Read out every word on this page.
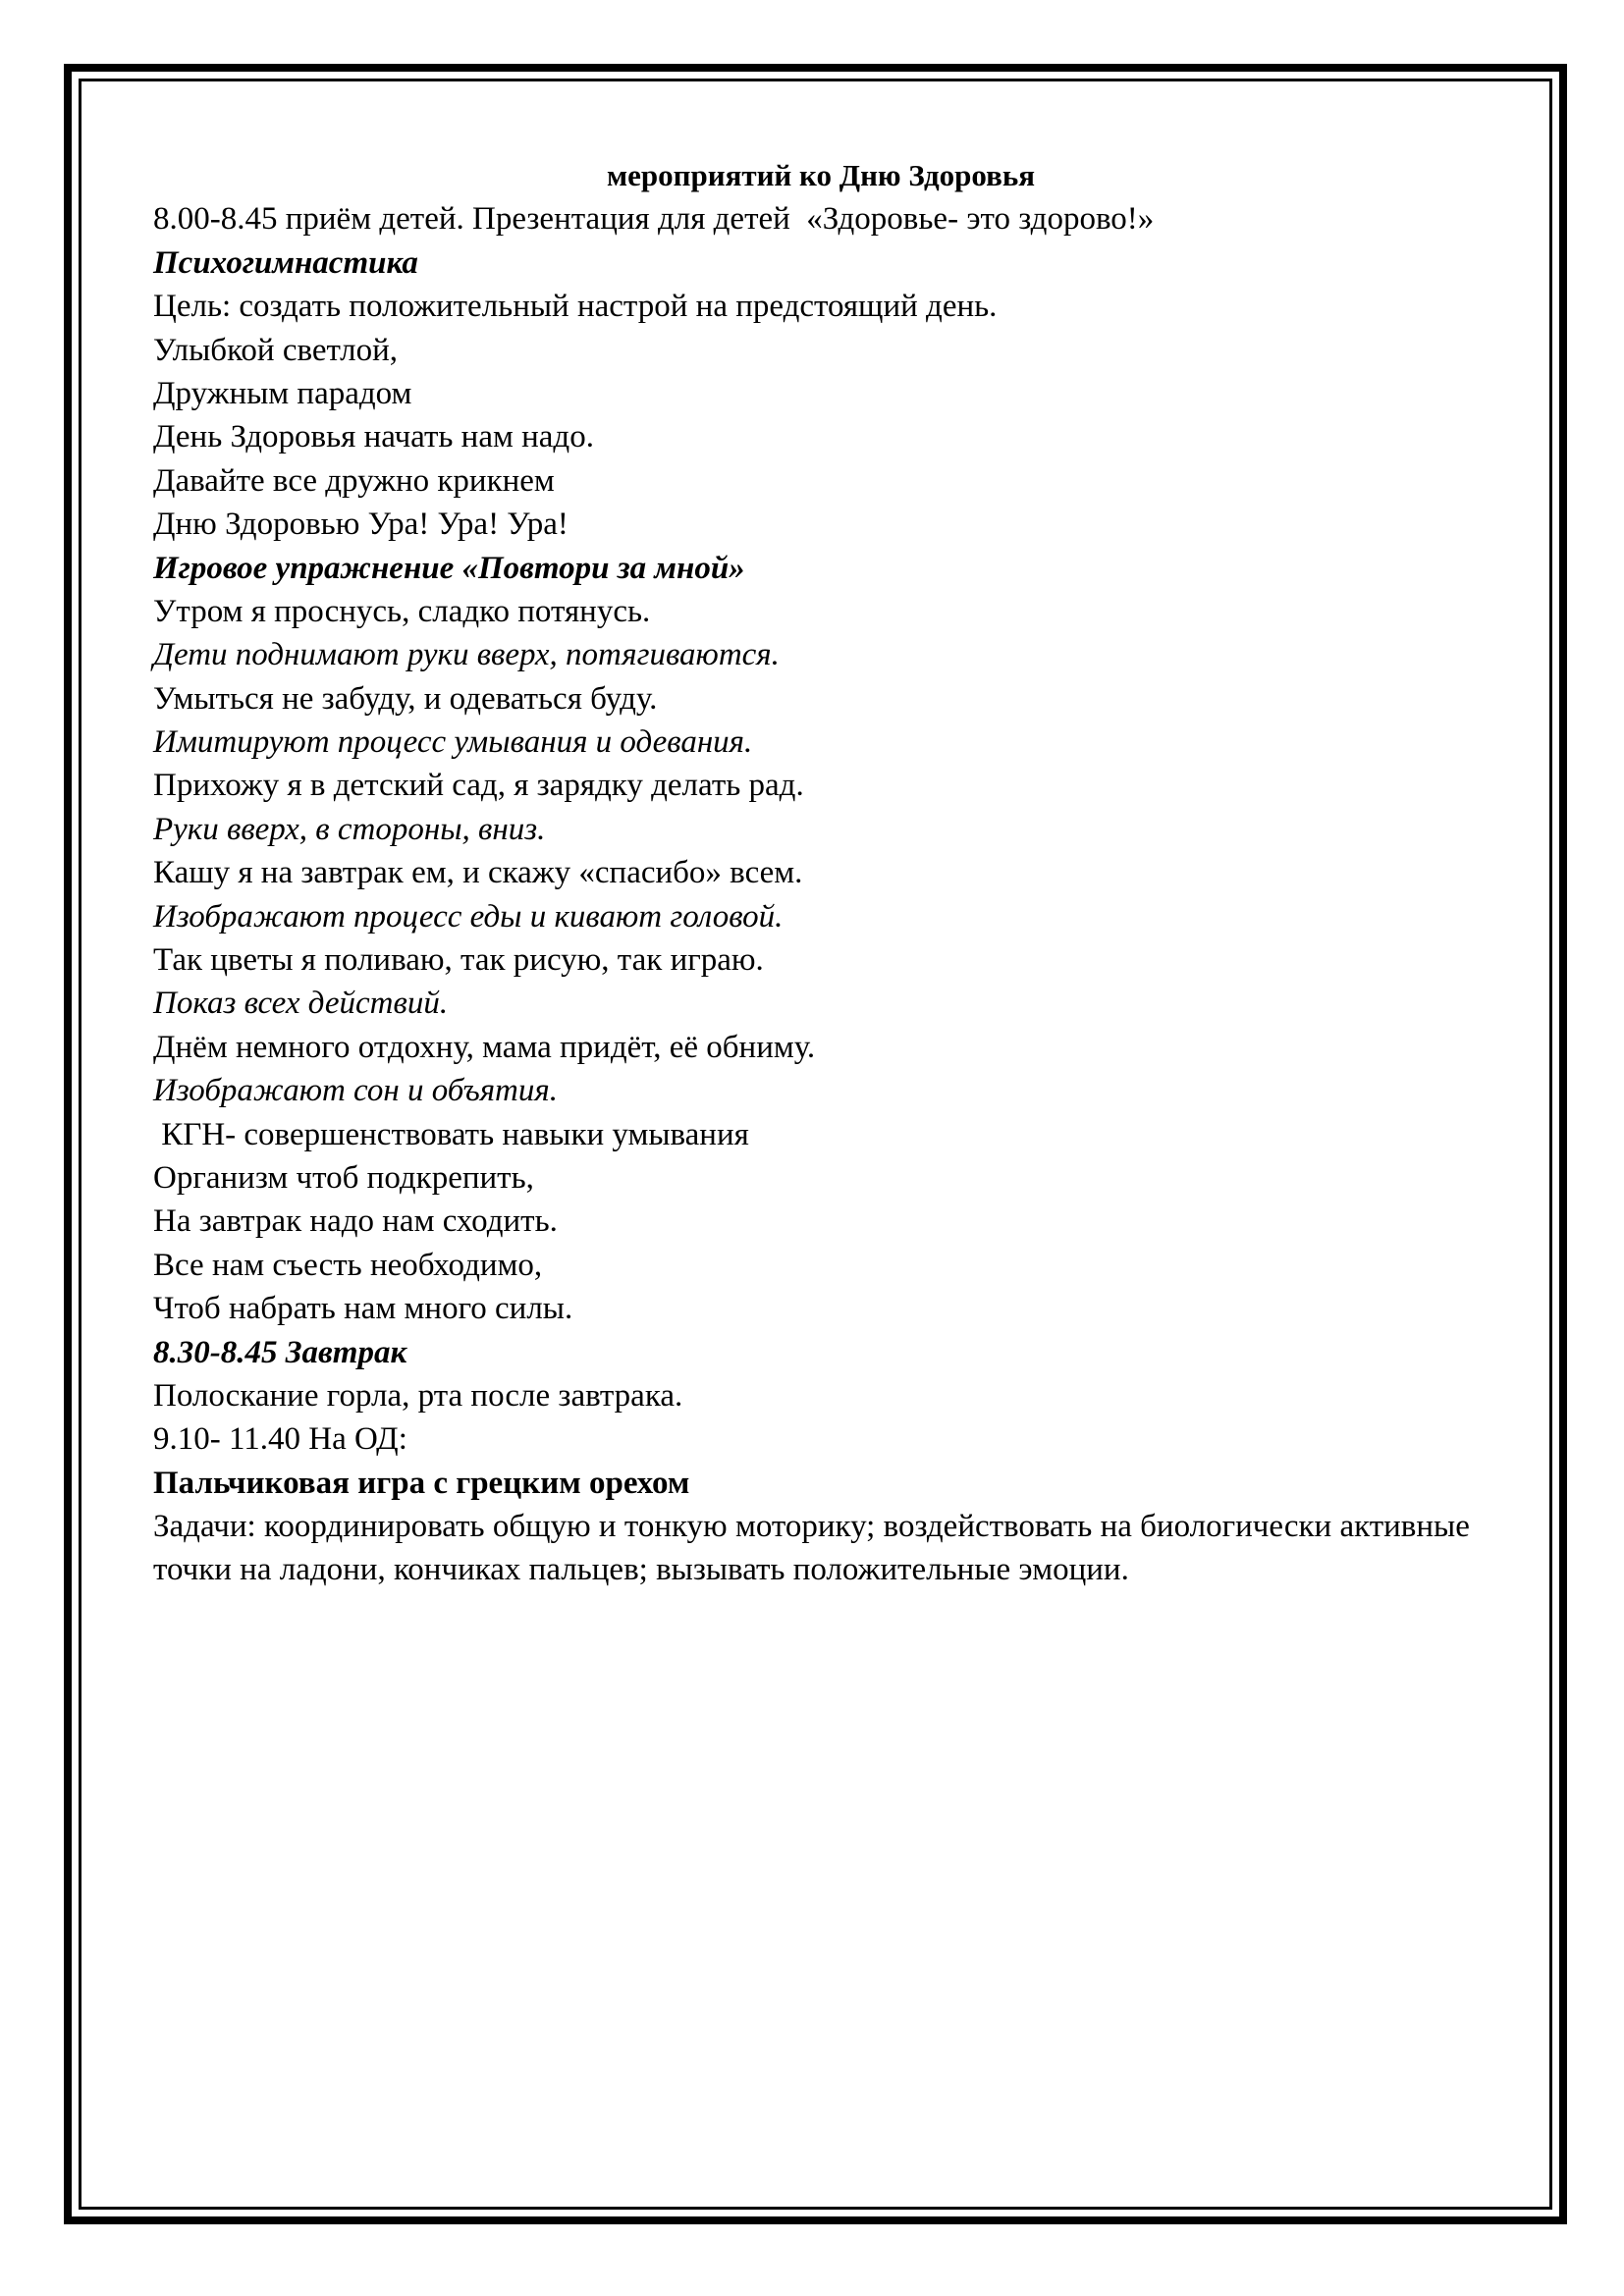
мероприятий ко Дню Здоровья
8.00-8.45 приём детей. Презентация для детей  «Здоровье- это здорово!»
Психогимнастика
Цель: создать положительный настрой на предстоящий день.
Улыбкой светлой,
Дружным парадом
День Здоровья начать нам надо.
Давайте все дружно крикнем
Дню Здоровью Ура! Ура! Ура!
Игровое упражнение «Повтори за мной»
Утром я проснусь, сладко потянусь.
Дети поднимают руки вверх, потягиваются.
Умыться не забуду, и одеваться буду.
Имитируют процесс умывания и одевания.
Прихожу я в детский сад, я зарядку делать рад.
Руки вверх, в стороны, вниз.
Кашу я на завтрак ем, и скажу «спасибо» всем.
Изображают процесс еды и кивают головой.
Так цветы я поливаю, так рисую, так играю.
Показ всех действий.
Днём немного отдохну, мама придёт, её обниму.
Изображают сон и объятия.
КГН- совершенствовать навыки умывания
Организм чтоб подкрепить,
На завтрак надо нам сходить.
Все нам съесть необходимо,
Чтоб набрать нам много силы.
8.30-8.45 Завтрак
Полоскание горла, рта после завтрака.
9.10- 11.40 На ОД:
Пальчиковая игра с грецким орехом
Задачи: координировать общую и тонкую моторику; воздействовать на биологически активные точки на ладони, кончиках пальцев; вызывать положительные эмоции.
